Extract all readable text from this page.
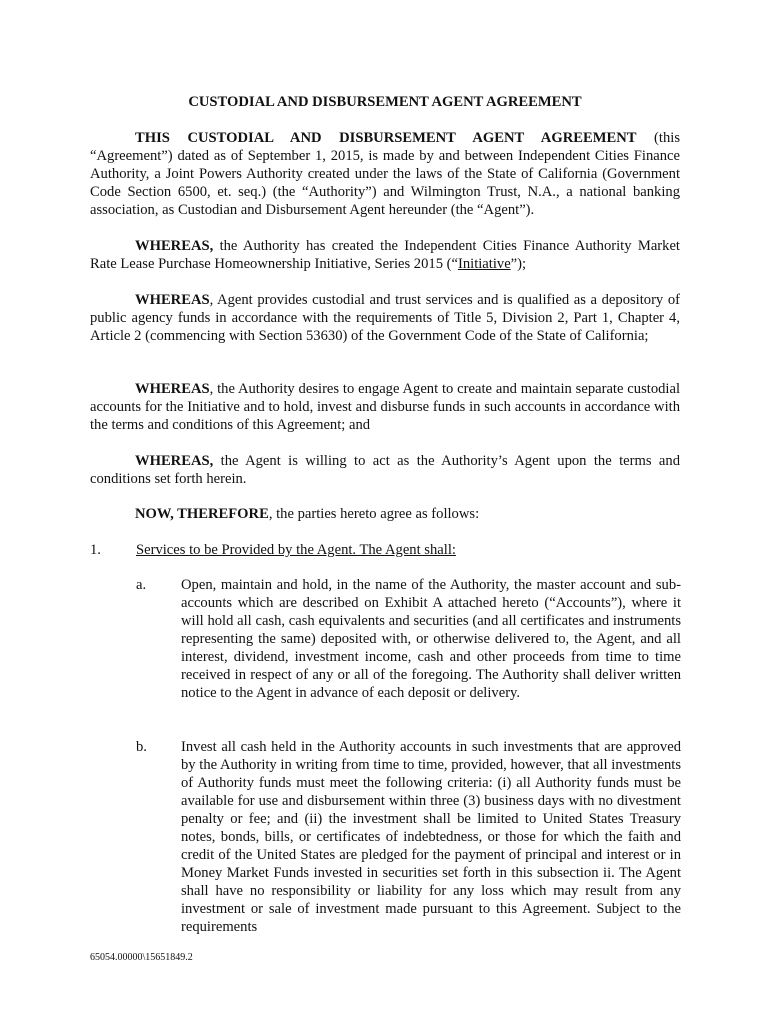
CUSTODIAL AND DISBURSEMENT AGENT AGREEMENT

THIS CUSTODIAL AND DISBURSEMENT AGENT AGREEMENT (this “Agreement”) dated as of September 1, 2015, is made by and between Independent Cities Finance Authority, a Joint Powers Authority created under the laws of the State of California (Government Code Section 6500, et. seq.) (the “Authority”) and Wilmington Trust, N.A., a national banking association, as Custodian and Disbursement Agent hereunder (the “Agent”).

WHEREAS, the Authority has created the Independent Cities Finance Authority Market Rate Lease Purchase Homeownership Initiative, Series 2015 (“Initiative”);

WHEREAS, Agent provides custodial and trust services and is qualified as a depository of public agency funds in accordance with the requirements of Title 5, Division 2, Part 1, Chapter 4, Article 2 (commencing with Section 53630) of the Government Code of the State of California;

WHEREAS, the Authority desires to engage Agent to create and maintain separate custodial accounts for the Initiative and to hold, invest and disburse funds in such accounts in accordance with the terms and conditions of this Agreement; and

WHEREAS, the Agent is willing to act as the Authority’s Agent upon the terms and conditions set forth herein.

NOW, THEREFORE, the parties hereto agree as follows:

1. Services to be Provided by the Agent. The Agent shall:
a. Open, maintain and hold, in the name of the Authority, the master account and sub-accounts which are described on Exhibit A attached hereto (“Accounts”), where it will hold all cash, cash equivalents and securities (and all certificates and instruments representing the same) deposited with, or otherwise delivered to, the Agent, and all interest, dividend, investment income, cash and other proceeds from time to time received in respect of any or all of the foregoing. The Authority shall deliver written notice to the Agent in advance of each deposit or delivery.

b. Invest all cash held in the Authority accounts in such investments that are approved by the Authority in writing from time to time, provided, however, that all investments of Authority funds must meet the following criteria: (i) all Authority funds must be available for use and disbursement within three (3) business days with no divestment penalty or fee; and (ii) the investment shall be limited to United States Treasury notes, bonds, bills, or certificates of indebtedness, or those for which the faith and credit of the United States are pledged for the payment of principal and interest or in Money Market Funds invested in securities set forth in this subsection ii. The Agent shall have no responsibility or liability for any loss which may result from any investment or sale of investment made pursuant to this Agreement. Subject to the requirements

65054.00000\15651849.2
